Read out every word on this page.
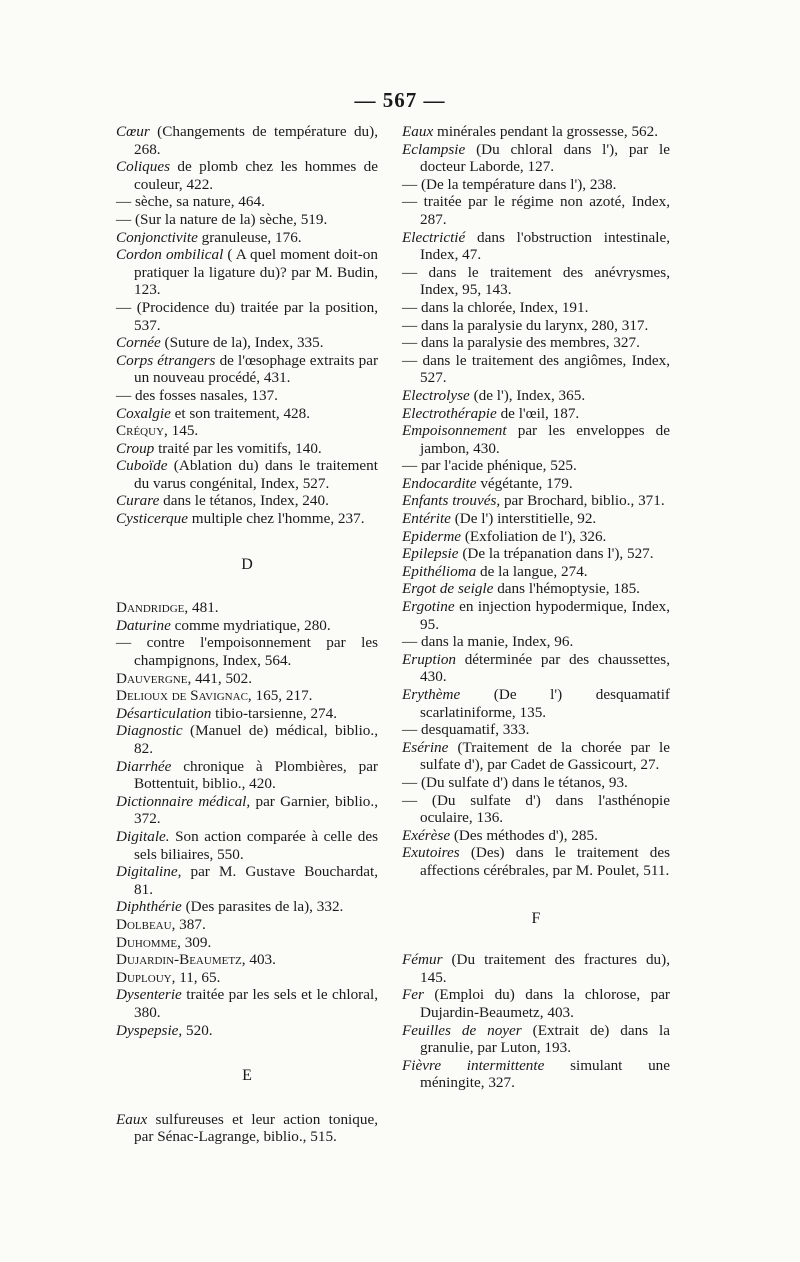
— 567 —

Cœur (Changements de température du), 268.

Coliques de plomb chez les hommes de couleur, 422.

— sèche, sa nature, 464.

— (Sur la nature de la) sèche, 519.

Conjonctivite granuleuse, 176.

Cordon ombilical ( A quel moment doit-on pratiquer la ligature du)? par M. Budin, 123.

— (Procidence du) traitée par la position, 537.

Cornée (Suture de la), Index, 335.

Corps étrangers de l'œsophage extraits par un nouveau procédé, 431.

— des fosses nasales, 137.

Coxalgie et son traitement, 428.

Créquy, 145.

Croup traité par les vomitifs, 140.

Cuboïde (Ablation du) dans le traitement du varus congénital, Index, 527.

Curare dans le tétanos, Index, 240.

Cysticerque multiple chez l'homme, 237.

D

Dandridge, 481.

Daturine comme mydriatique, 280.

— contre l'empoisonnement par les champignons, Index, 564.

Dauvergne, 441, 502.

Delioux de Savignac, 165, 217.

Désarticulation tibio-tarsienne, 274.

Diagnostic (Manuel de) médical, biblio., 82.

Diarrhée chronique à Plombières, par Bottentuit, biblio., 420.

Dictionnaire médical, par Garnier, biblio., 372.

Digitale. Son action comparée à celle des sels biliaires, 550.

Digitaline, par M. Gustave Bouchardat, 81.

Diphthérie (Des parasites de la), 332.

Dolbeau, 387.

Duhomme, 309.

Dujardin-Beaumetz, 403.

Duplouy, 11, 65.

Dysenterie traitée par les sels et le chloral, 380.

Dyspepsie, 520.

E

Eaux sulfureuses et leur action tonique, par Sénac-Lagrange, biblio., 515.

Eaux minérales pendant la grossesse, 562.

Eclampsie (Du chloral dans l'), par le docteur Laborde, 127.

— (De la température dans l'), 238.

— traitée par le régime non azoté, Index, 287.

Electrictié dans l'obstruction intestinale, Index, 47.

— dans le traitement des anévrysmes, Index, 95, 143.

— dans la chlorée, Index, 191.

— dans la paralysie du larynx, 280, 317.

— dans la paralysie des membres, 327.

— dans le traitement des angiômes, Index, 527.

Electrolyse (de l'), Index, 365.

Electrothérapie de l'œil, 187.

Empoisonnement par les enveloppes de jambon, 430.

— par l'acide phénique, 525.

Endocardite végétante, 179.

Enfants trouvés, par Brochard, biblio., 371.

Entérite (De l') interstitielle, 92.

Epiderme (Exfoliation de l'), 326.

Epilepsie (De la trépanation dans l'), 527.

Epithélioma de la langue, 274.

Ergot de seigle dans l'hémoptysie, 185.

Ergotine en injection hypodermique, Index, 95.

— dans la manie, Index, 96.

Eruption déterminée par des chaussettes, 430.

Erythème (De l') desquamatif scarlatiniforme, 135.

— desquamatif, 333.

Esérine (Traitement de la chorée par le sulfate d'), par Cadet de Gassicourt, 27.

— (Du sulfate d') dans le tétanos, 93.

— (Du sulfate d') dans l'asthénopie oculaire, 136.

Exérèse (Des méthodes d'), 285.

Exutoires (Des) dans le traitement des affections cérébrales, par M. Poulet, 511.

F

Fémur (Du traitement des fractures du), 145.

Fer (Emploi du) dans la chlorose, par Dujardin-Beaumetz, 403.

Feuilles de noyer (Extrait de) dans la granulie, par Luton, 193.

Fièvre intermittente simulant une méningite, 327.
